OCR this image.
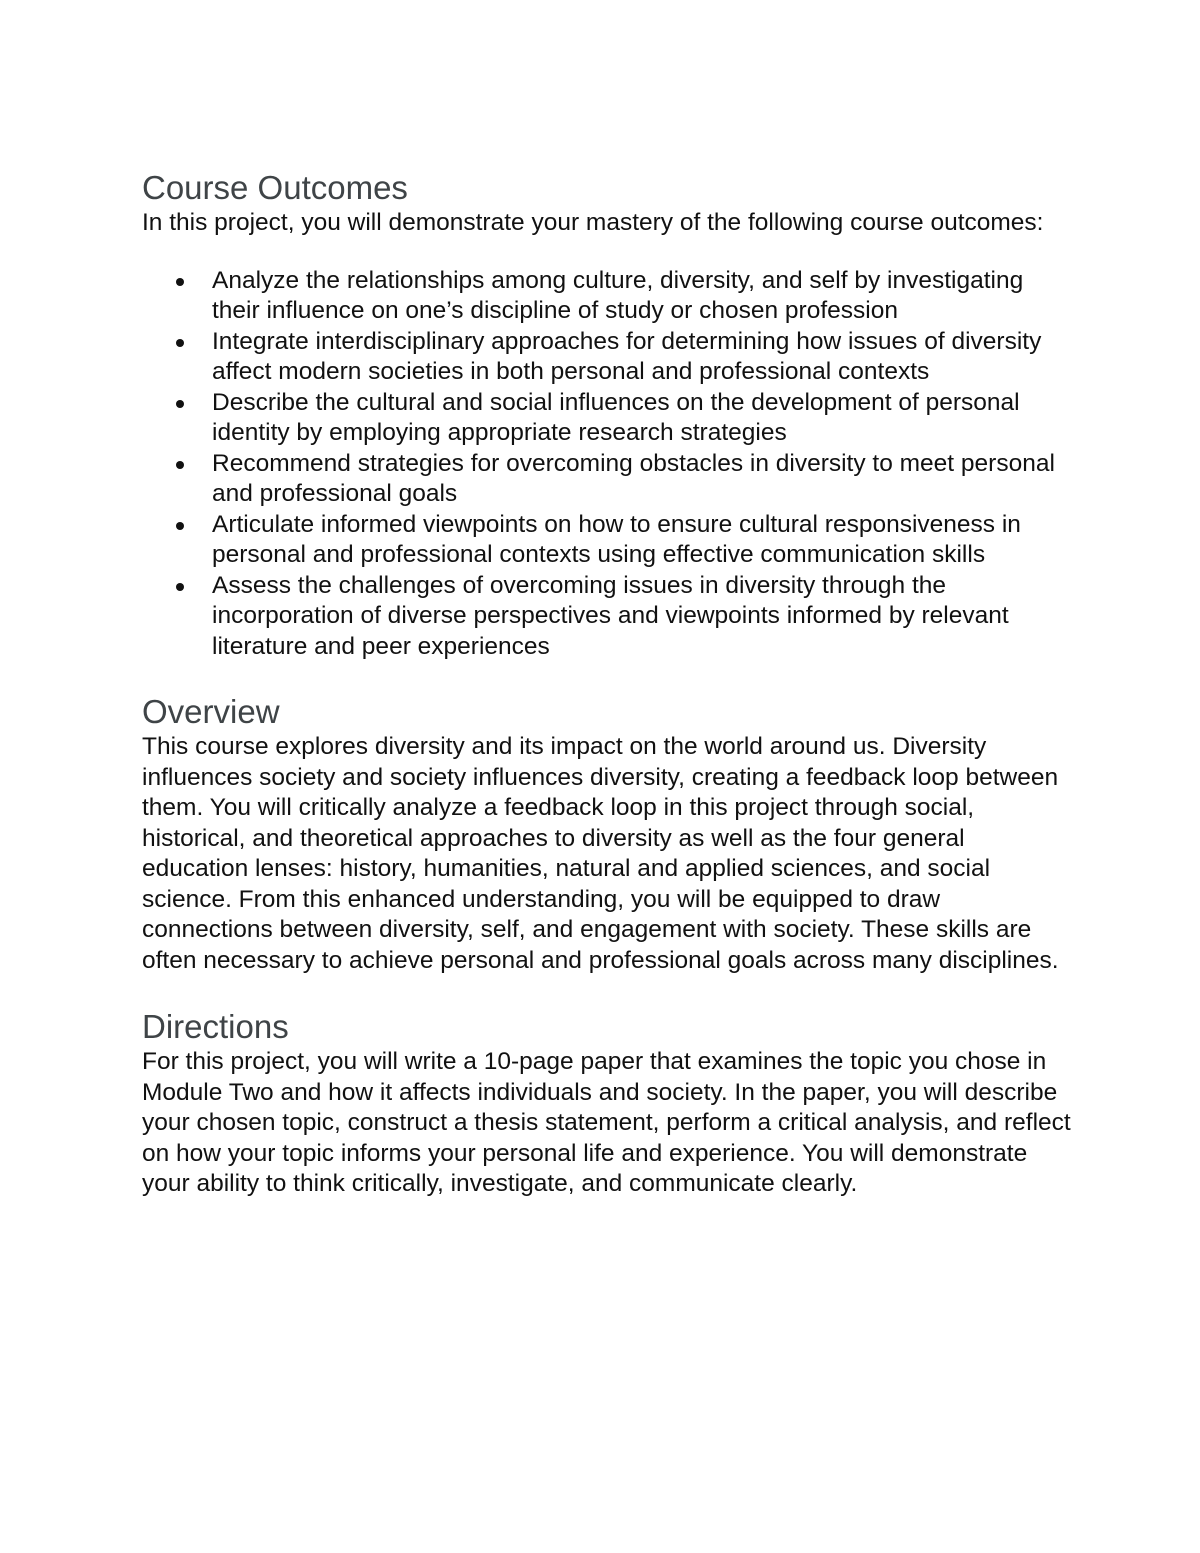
Course Outcomes

In this project, you will demonstrate your mastery of the following course outcomes:

Analyze the relationships among culture, diversity, and self by investigating their influence on one’s discipline of study or chosen profession
Integrate interdisciplinary approaches for determining how issues of diversity affect modern societies in both personal and professional contexts
Describe the cultural and social influences on the development of personal identity by employing appropriate research strategies
Recommend strategies for overcoming obstacles in diversity to meet personal and professional goals
Articulate informed viewpoints on how to ensure cultural responsiveness in personal and professional contexts using effective communication skills
Assess the challenges of overcoming issues in diversity through the incorporation of diverse perspectives and viewpoints informed by relevant literature and peer experiences
Overview

This course explores diversity and its impact on the world around us. Diversity influences society and society influences diversity, creating a feedback loop between them. You will critically analyze a feedback loop in this project through social, historical, and theoretical approaches to diversity as well as the four general education lenses: history, humanities, natural and applied sciences, and social science. From this enhanced understanding, you will be equipped to draw connections between diversity, self, and engagement with society. These skills are often necessary to achieve personal and professional goals across many disciplines.

Directions

For this project, you will write a 10-page paper that examines the topic you chose in Module Two and how it affects individuals and society. In the paper, you will describe your chosen topic, construct a thesis statement, perform a critical analysis, and reflect on how your topic informs your personal life and experience. You will demonstrate your ability to think critically, investigate, and communicate clearly.
